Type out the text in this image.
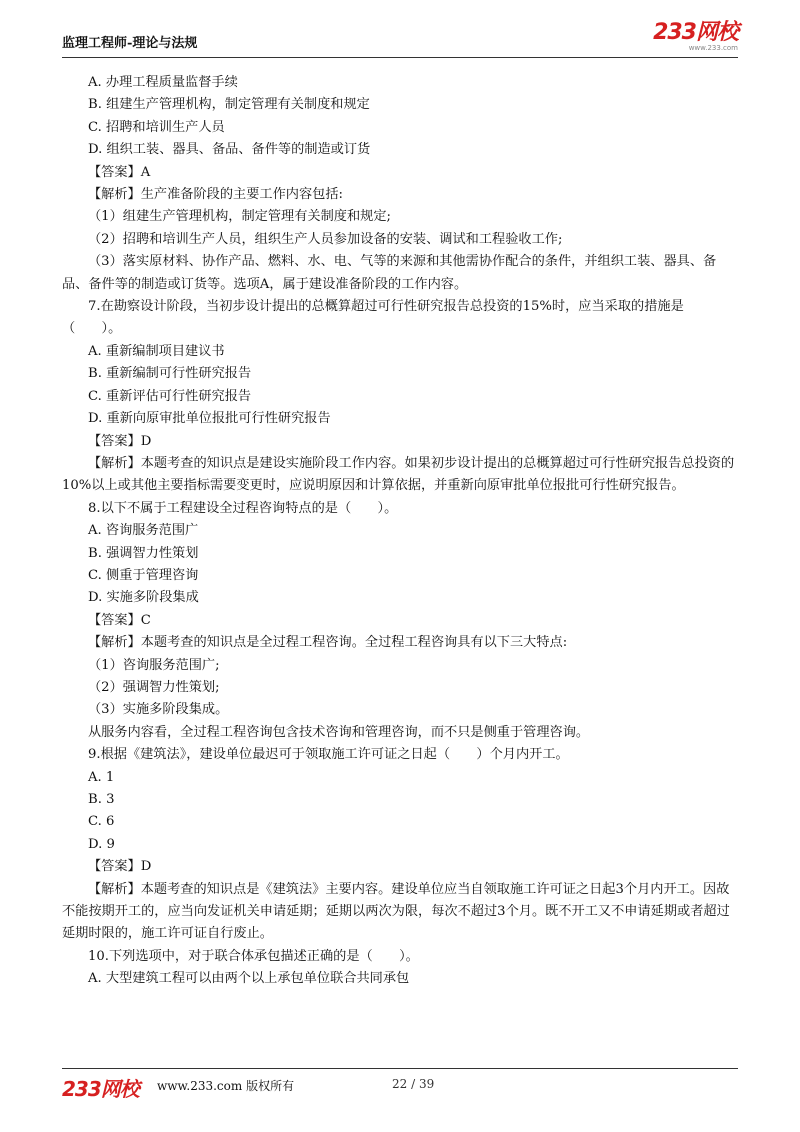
监理工程师-理论与法规	233网校
www.233.com

A. 办理工程质量监督手续

B. 组建生产管理机构，制定管理有关制度和规定

C. 招聘和培训生产人员

D. 组织工装、器具、备品、备件等的制造或订货

【答案】A

【解析】生产准备阶段的主要工作内容包括:

（1）组建生产管理机构，制定管理有关制度和规定;

（2）招聘和培训生产人员，组织生产人员参加设备的安装、调试和工程验收工作;

（3）落实原材料、协作产品、燃料、水、电、气等的来源和其他需协作配合的条件，并组织工装、器具、备品、备件等的制造或订货等。选项A，属于建设准备阶段的工作内容。

7.在勘察设计阶段，当初步设计提出的总概算超过可行性研究报告总投资的15%时，应当采取的措施是（　　）。

A. 重新编制项目建议书

B. 重新编制可行性研究报告

C. 重新评估可行性研究报告

D. 重新向原审批单位报批可行性研究报告

【答案】D

【解析】本题考查的知识点是建设实施阶段工作内容。如果初步设计提出的总概算超过可行性研究报告总投资的10%以上或其他主要指标需要变更时，应说明原因和计算依据，并重新向原审批单位报批可行性研究报告。

8.以下不属于工程建设全过程咨询特点的是（　　）。

A. 咨询服务范围广

B. 强调智力性策划

C. 侧重于管理咨询

D. 实施多阶段集成

【答案】C

【解析】本题考查的知识点是全过程工程咨询。全过程工程咨询具有以下三大特点:

（1）咨询服务范围广;

（2）强调智力性策划;

（3）实施多阶段集成。

从服务内容看，全过程工程咨询包含技术咨询和管理咨询，而不只是侧重于管理咨询。

9.根据《建筑法》，建设单位最迟可于领取施工许可证之日起（　　）个月内开工。

A. 1

B. 3

C. 6

D. 9

【答案】D

【解析】本题考查的知识点是《建筑法》主要内容。建设单位应当自领取施工许可证之日起3个月内开工。因故不能按期开工的，应当向发证机关申请延期；延期以两次为限，每次不超过3个月。既不开工又不申请延期或者超过延期时限的，施工许可证自行废止。

10.下列选项中，对于联合体承包描述正确的是（　　）。

A. 大型建筑工程可以由两个以上承包单位联合共同承包

233网校 www.233.com 版权所有	22 / 39
